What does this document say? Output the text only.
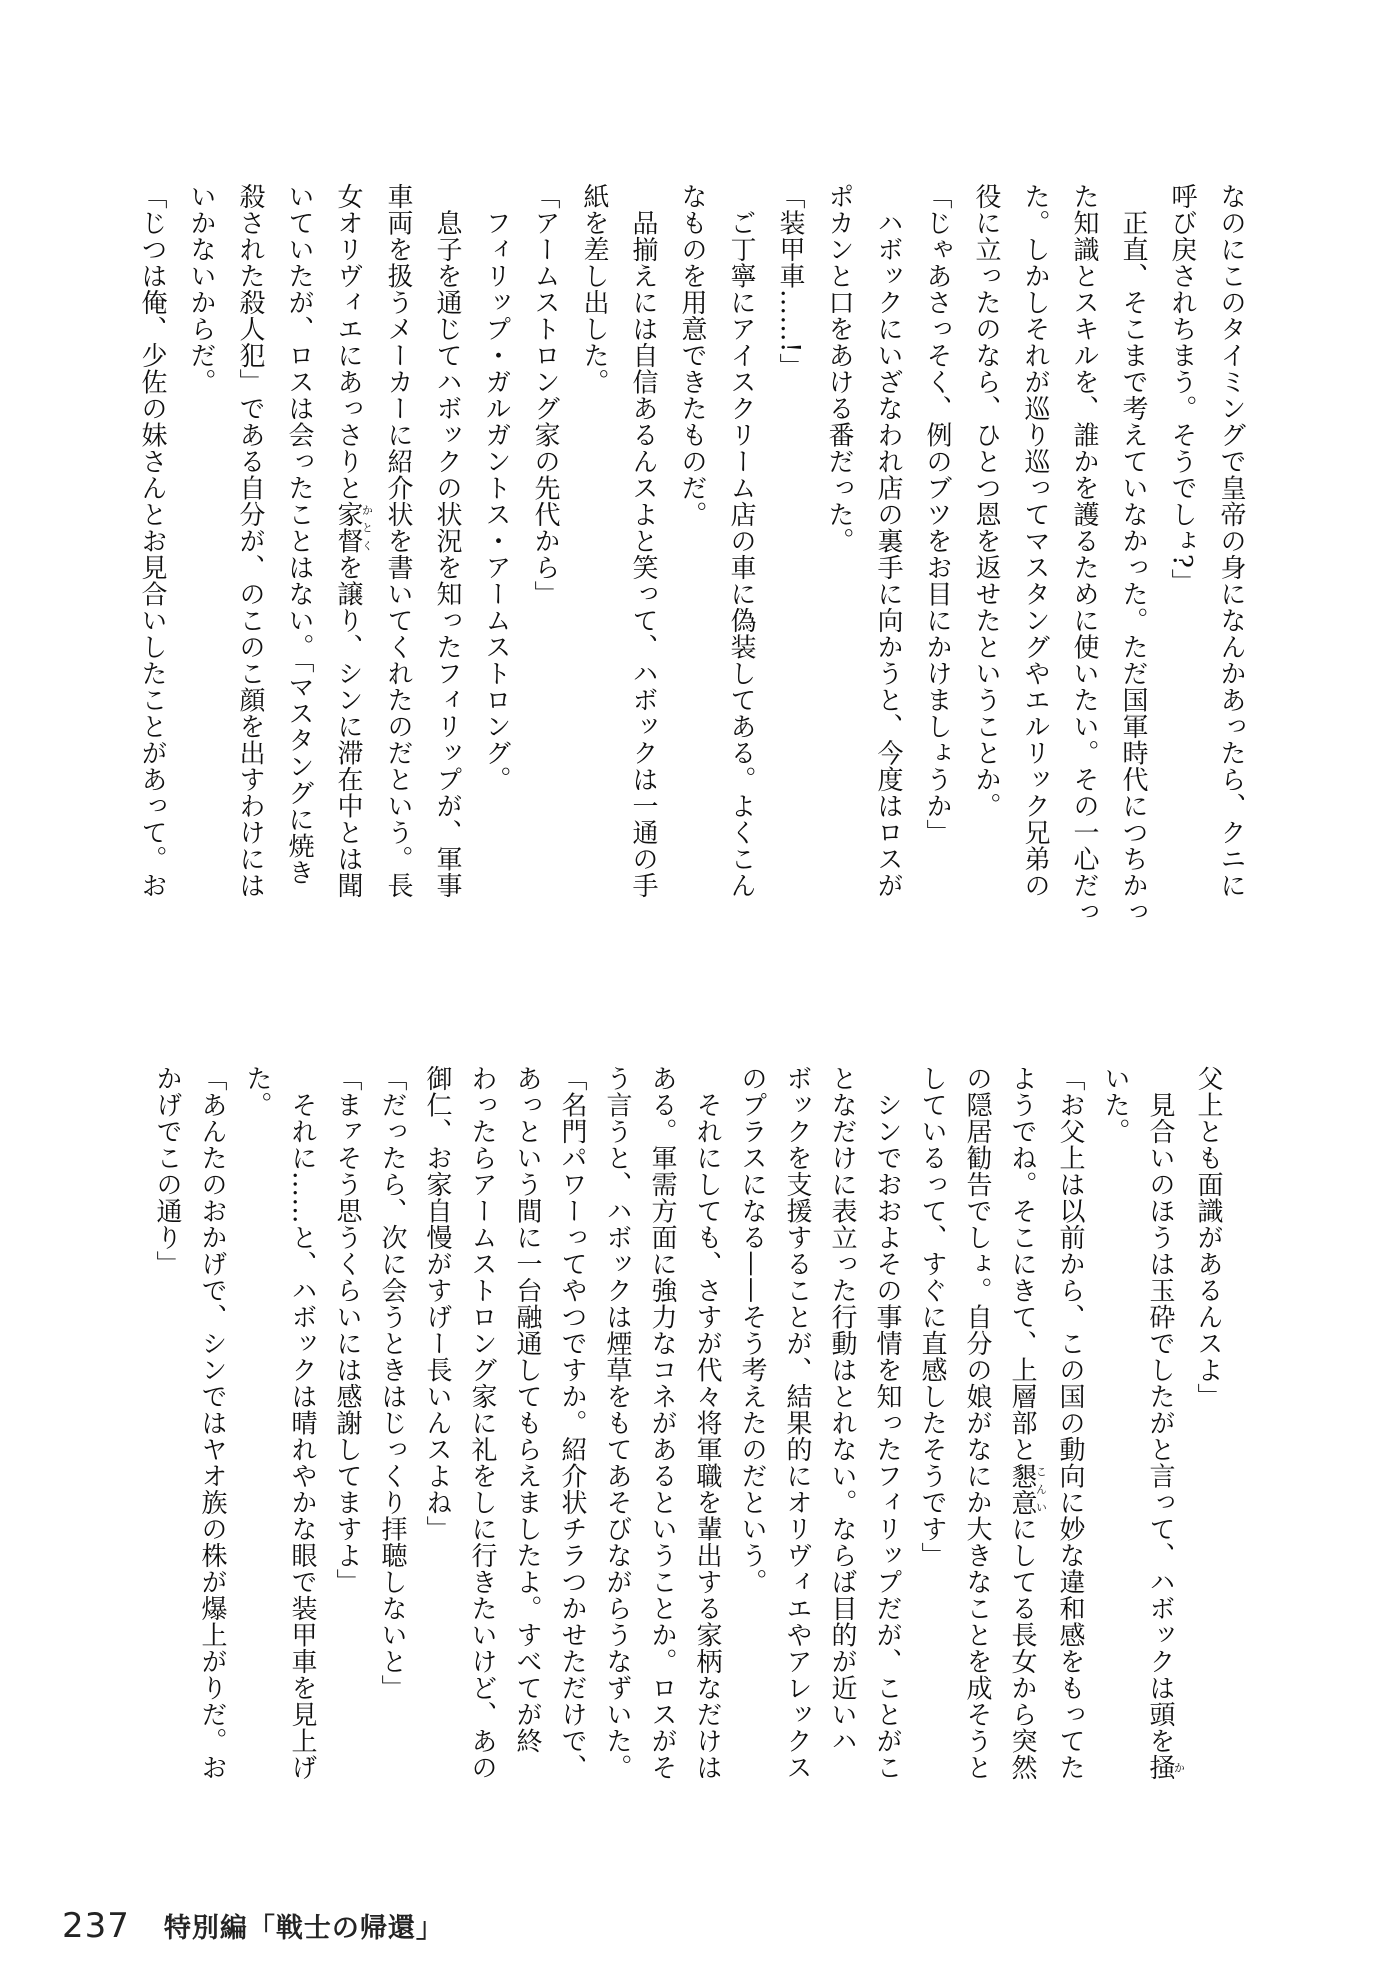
なのにこのタイミングで皇帝の身になんかあったら、クニに

呼び戻されちまう。そうでしょ?」

　正直、そこまで考えていなかった。ただ国軍時代につちかっ

た知識とスキルを、誰かを護るために使いたい。その一心だっ

た。しかしそれが巡り巡ってマスタングやエルリック兄弟の

役に立ったのなら、ひとつ恩を返せたということか。

「じゃあさっそく、例のブツをお目にかけましょうか」

　ハボックにいざなわれ店の裏手に向かうと、今度はロスが

ポカンと口をあける番だった。

「装甲車……!」

　ご丁寧にアイスクリーム店の車に偽装してある。よくこん

なものを用意できたものだ。

　品揃えには自信あるんスよと笑って、ハボックは一通の手

紙を差し出した。

「アームストロング家の先代から」

　フィリップ・ガルガントス・アームストロング。

　息子を通じてハボックの状況を知ったフィリップが、軍事

車両を扱うメーカーに紹介状を書いてくれたのだという。長

女オリヴィエにあっさりと家督かとくを譲り、シンに滞在中とは聞

いていたが、ロスは会ったことはない。「マスタングに焼き

殺された殺人犯」である自分が、のこのこ顔を出すわけには

いかないからだ。

「じつは俺、少佐の妹さんとお見合いしたことがあって。お

父上とも面識があるんスよ」

　見合いのほうは玉砕でしたがと言って、ハボックは頭を掻か

いた。

「お父上は以前から、この国の動向に妙な違和感をもってた

ようでね。そこにきて、上層部と懇意こんいにしてる長女から突然

の隠居勧告でしょ。自分の娘がなにか大きなことを成そうと

しているって、すぐに直感したそうです」

　シンでおおよその事情を知ったフィリップだが、ことがこ

となだけに表立った行動はとれない。ならば目的が近いハ

ボックを支援することが、結果的にオリヴィエやアレックス

のプラスになる——そう考えたのだという。

　それにしても、さすが代々将軍職を輩出する家柄なだけは

ある。軍需方面に強力なコネがあるということか。ロスがそ

う言うと、ハボックは煙草をもてあそびながらうなずいた。

「名門パワーってやつですか。紹介状チラつかせただけで、

あっという間に一台融通してもらえましたよ。すべてが終

わったらアームストロング家に礼をしに行きたいけど、あの

御仁、お家自慢がすげー長いんスよね」

「だったら、次に会うときはじっくり拝聴しないと」

「まァそう思うくらいには感謝してますよ」

　それに……と、ハボックは晴れやかな眼で装甲車を見上げ

た。

「あんたのおかげで、シンではヤオ族の株が爆上がりだ。お

かげでこの通り」

237 特別編「戦士の帰還」
